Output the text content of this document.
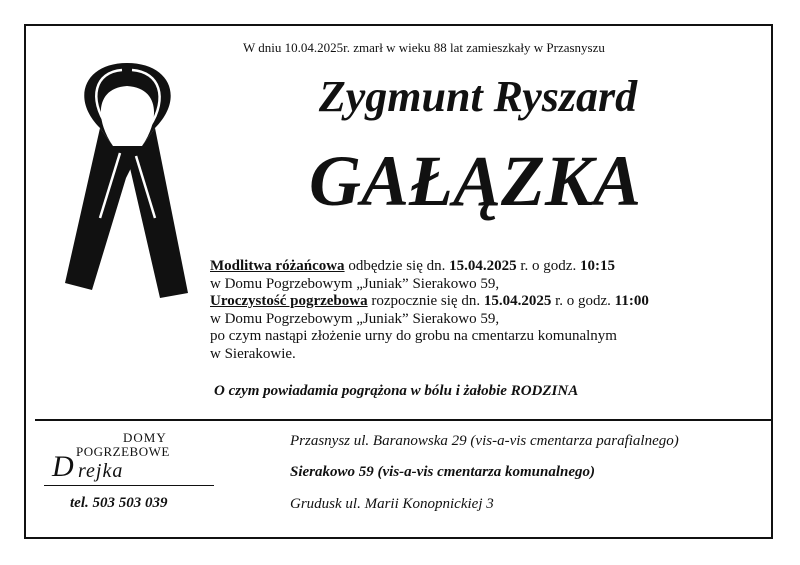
W dniu 10.04.2025r. zmarł w wieku 88 lat zamieszkały w Przasnyszu
Zygmunt Ryszard
GAŁĄZKA
Modlitwa różańcowa odbędzie się dn. 15.04.2025 r. o godz. 10:15
w Domu Pogrzebowym „Juniak” Sierakowo 59,
Uroczystość pogrzebowa rozpocznie się dn. 15.04.2025 r. o godz. 11:00
w Domu Pogrzebowym „Juniak” Sierakowo 59,
po czym nastąpi złożenie urny do grobu na cmentarzu komunalnym
w Sierakowie.
O czym powiadamia pogrążona w bólu i żałobie RODZINA
DOMY
POGRZEBOWE
D rejka
tel. 503 503 039
Przasnysz ul. Baranowska 29 (vis-a-vis cmentarza parafialnego)
Sierakowo 59 (vis-a-vis cmentarza komunalnego)
Grudusk ul. Marii Konopnickiej 3
